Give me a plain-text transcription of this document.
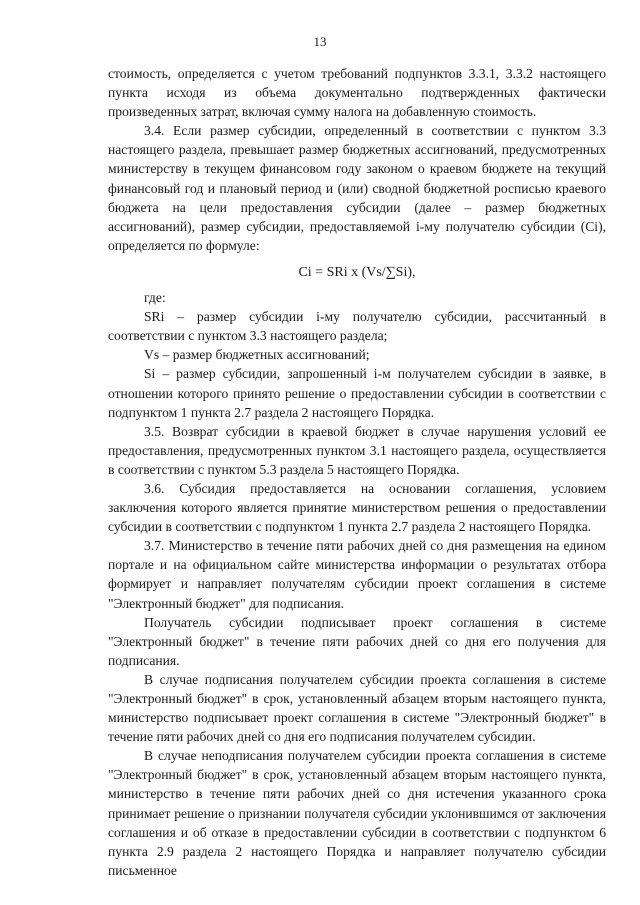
13

стоимость, определяется с учетом требований подпунктов 3.3.1, 3.3.2 настоящего пункта исходя из объема документально подтвержденных фактически произведенных затрат, включая сумму налога на добавленную стоимость.

3.4. Если размер субсидии, определенный в соответствии с пунктом 3.3 настоящего раздела, превышает размер бюджетных ассигнований, предусмотренных министерству в текущем финансовом году законом о краевом бюджете на текущий финансовый год и плановый период и (или) сводной бюджетной росписью краевого бюджета на цели предоставления субсидии (далее – размер бюджетных ассигнований), размер субсидии, предоставляемой i-му получателю субсидии (Ci), определяется по формуле:

Ci = SRi x (Vs/∑Si),

где:

SRi – размер субсидии i-му получателю субсидии, рассчитанный в соответствии с пунктом 3.3 настоящего раздела;

Vs – размер бюджетных ассигнований;

Si – размер субсидии, запрошенный i-м получателем субсидии в заявке, в отношении которого принято решение о предоставлении субсидии в соответствии с подпунктом 1 пункта 2.7 раздела 2 настоящего Порядка.

3.5. Возврат субсидии в краевой бюджет в случае нарушения условий ее предоставления, предусмотренных пунктом 3.1 настоящего раздела, осуществляется в соответствии с пунктом 5.3 раздела 5 настоящего Порядка.

3.6. Субсидия предоставляется на основании соглашения, условием заключения которого является принятие министерством решения о предоставлении субсидии в соответствии с подпунктом 1 пункта 2.7 раздела 2 настоящего Порядка.

3.7. Министерство в течение пяти рабочих дней со дня размещения на едином портале и на официальном сайте министерства информации о результатах отбора формирует и направляет получателям субсидии проект соглашения в системе "Электронный бюджет" для подписания.

Получатель субсидии подписывает проект соглашения в системе "Электронный бюджет" в течение пяти рабочих дней со дня его получения для подписания.

В случае подписания получателем субсидии проекта соглашения в системе "Электронный бюджет" в срок, установленный абзацем вторым настоящего пункта, министерство подписывает проект соглашения в системе "Электронный бюджет" в течение пяти рабочих дней со дня его подписания получателем субсидии.

В случае неподписания получателем субсидии проекта соглашения в системе "Электронный бюджет" в срок, установленный абзацем вторым настоящего пункта, министерство в течение пяти рабочих дней со дня истечения указанного срока принимает решение о признании получателя субсидии уклонившимся от заключения соглашения и об отказе в предоставлении субсидии в соответствии с подпунктом 6 пункта 2.9 раздела 2 настоящего Порядка и направляет получателю субсидии письменное
